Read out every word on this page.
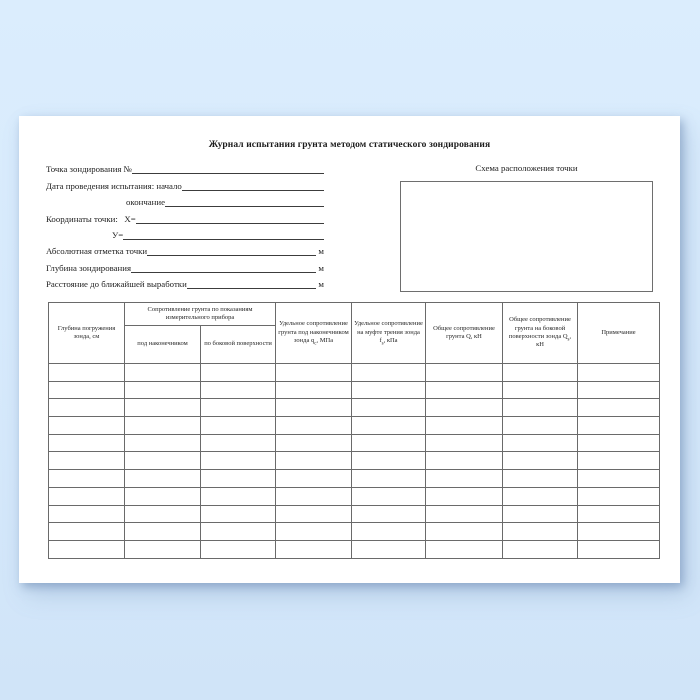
Журнал испытания грунта методом статического зондирования
Точка зондирования №
Дата проведения испытания: начало
окончание
Координаты точки:   Х=
У=
Абсолютная отметка точки	м
Глубина зондирования	м
Расстояние до ближайшей выработки	м
Схема расположения точки
Глубина погружения зонда, см	Сопротивление грунта по показаниям измерительного прибора		Удельное сопротивление грунта под наконечником зонда $q_с$, МПа	Удельное сопротивление на муфте трения зонда $f_s$, кПа	Общее сопротивление грунта Q, кН	Общее сопротивление грунта на боковой поверхности зонда $Q_s$, кН	Примечание
	под наконечником	по боковой поверхности					
